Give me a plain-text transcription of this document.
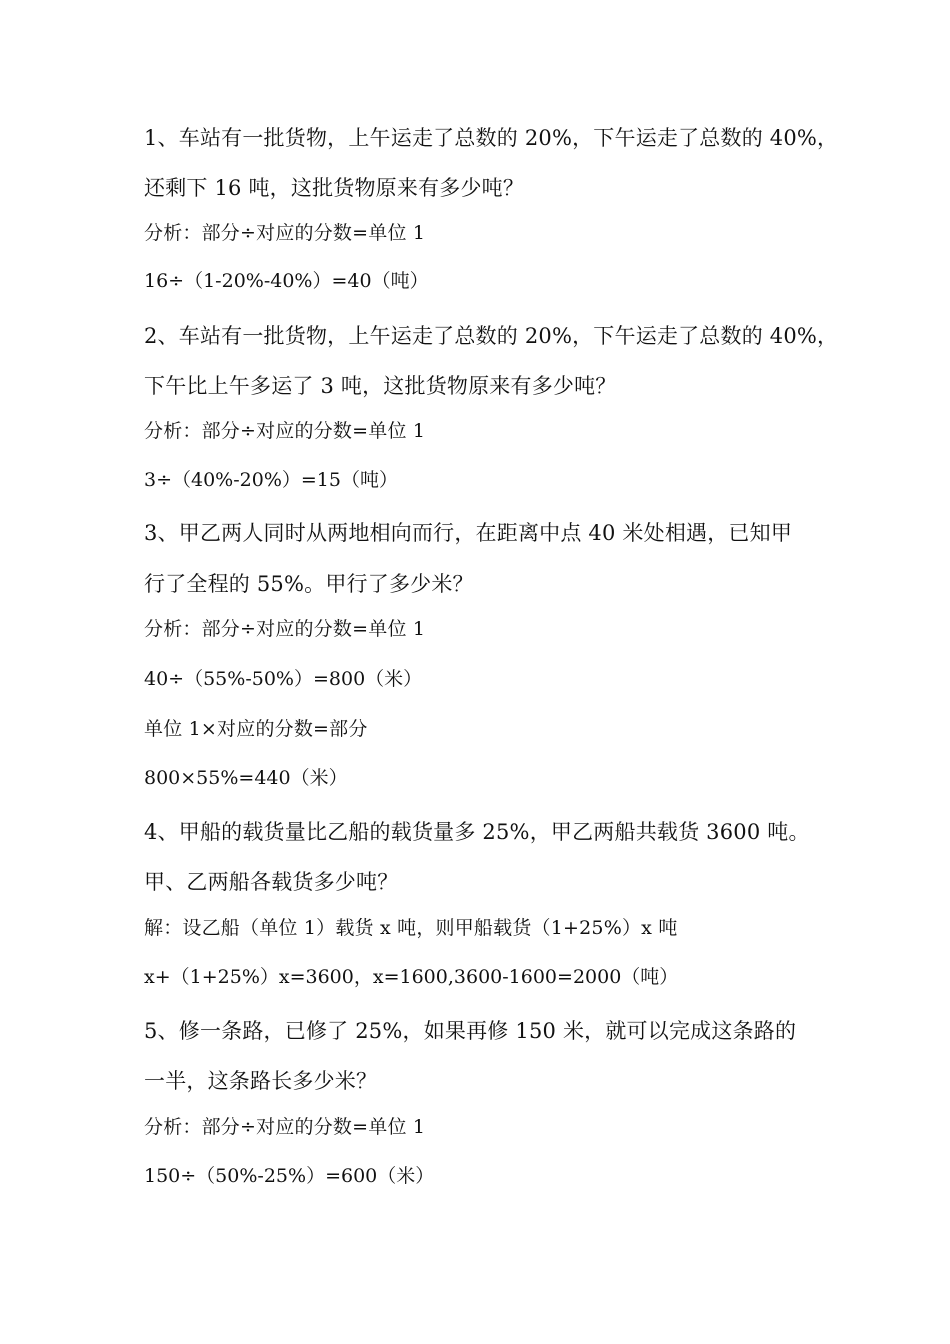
1、车站有一批货物，上午运走了总数的 20%，下午运走了总数的 40%，

还剩下 16 吨，这批货物原来有多少吨？

分析：部分÷对应的分数=单位 1

16÷（1-20%-40%）=40（吨）

2、车站有一批货物，上午运走了总数的 20%，下午运走了总数的 40%，

下午比上午多运了 3 吨，这批货物原来有多少吨？

分析：部分÷对应的分数=单位 1

3÷（40%-20%）=15（吨）

3、甲乙两人同时从两地相向而行，在距离中点 40 米处相遇，已知甲

行了全程的 55%。甲行了多少米？

分析：部分÷对应的分数=单位 1

40÷（55%-50%）=800（米）

单位 1×对应的分数=部分

800×55%=440（米）

4、甲船的载货量比乙船的载货量多 25%，甲乙两船共载货 3600 吨。

甲、乙两船各载货多少吨？

解：设乙船（单位 1）载货 x 吨，则甲船载货（1+25%）x 吨

x+（1+25%）x=3600，x=1600,3600-1600=2000（吨）

5、修一条路，已修了 25%，如果再修 150 米，就可以完成这条路的

一半，这条路长多少米？

分析：部分÷对应的分数=单位 1

150÷（50%-25%）=600（米）
